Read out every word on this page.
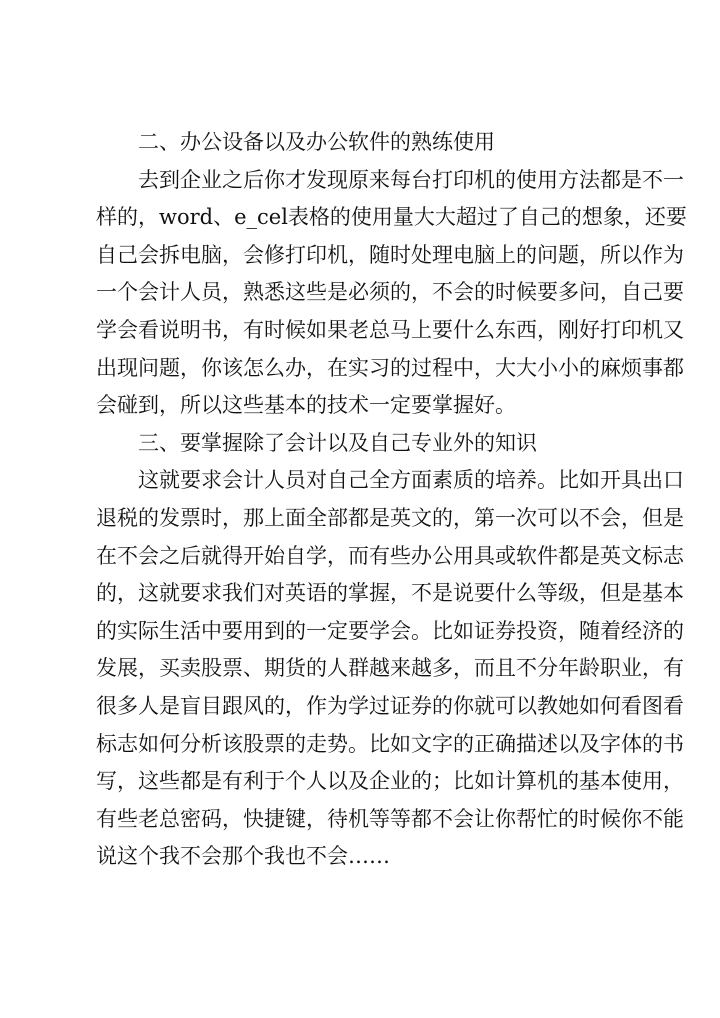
二、办公设备以及办公软件的熟练使用
去到企业之后你才发现原来每台打印机的使用方法都是不一
样的，word、e_cel表格的使用量大大超过了自己的想象，还要
自己会拆电脑，会修打印机，随时处理电脑上的问题，所以作为
一个会计人员，熟悉这些是必须的，不会的时候要多问，自己要
学会看说明书，有时候如果老总马上要什么东西，刚好打印机又
出现问题，你该怎么办，在实习的过程中，大大小小的麻烦事都
会碰到，所以这些基本的技术一定要掌握好。
三、要掌握除了会计以及自己专业外的知识
这就要求会计人员对自己全方面素质的培养。比如开具出口
退税的发票时，那上面全部都是英文的，第一次可以不会，但是
在不会之后就得开始自学，而有些办公用具或软件都是英文标志
的，这就要求我们对英语的掌握，不是说要什么等级，但是基本
的实际生活中要用到的一定要学会。比如证券投资，随着经济的
发展，买卖股票、期货的人群越来越多，而且不分年龄职业，有
很多人是盲目跟风的，作为学过证券的你就可以教她如何看图看
标志如何分析该股票的走势。比如文字的正确描述以及字体的书
写，这些都是有利于个人以及企业的；比如计算机的基本使用，
有些老总密码，快捷键，待机等等都不会让你帮忙的时候你不能
说这个我不会那个我也不会……
